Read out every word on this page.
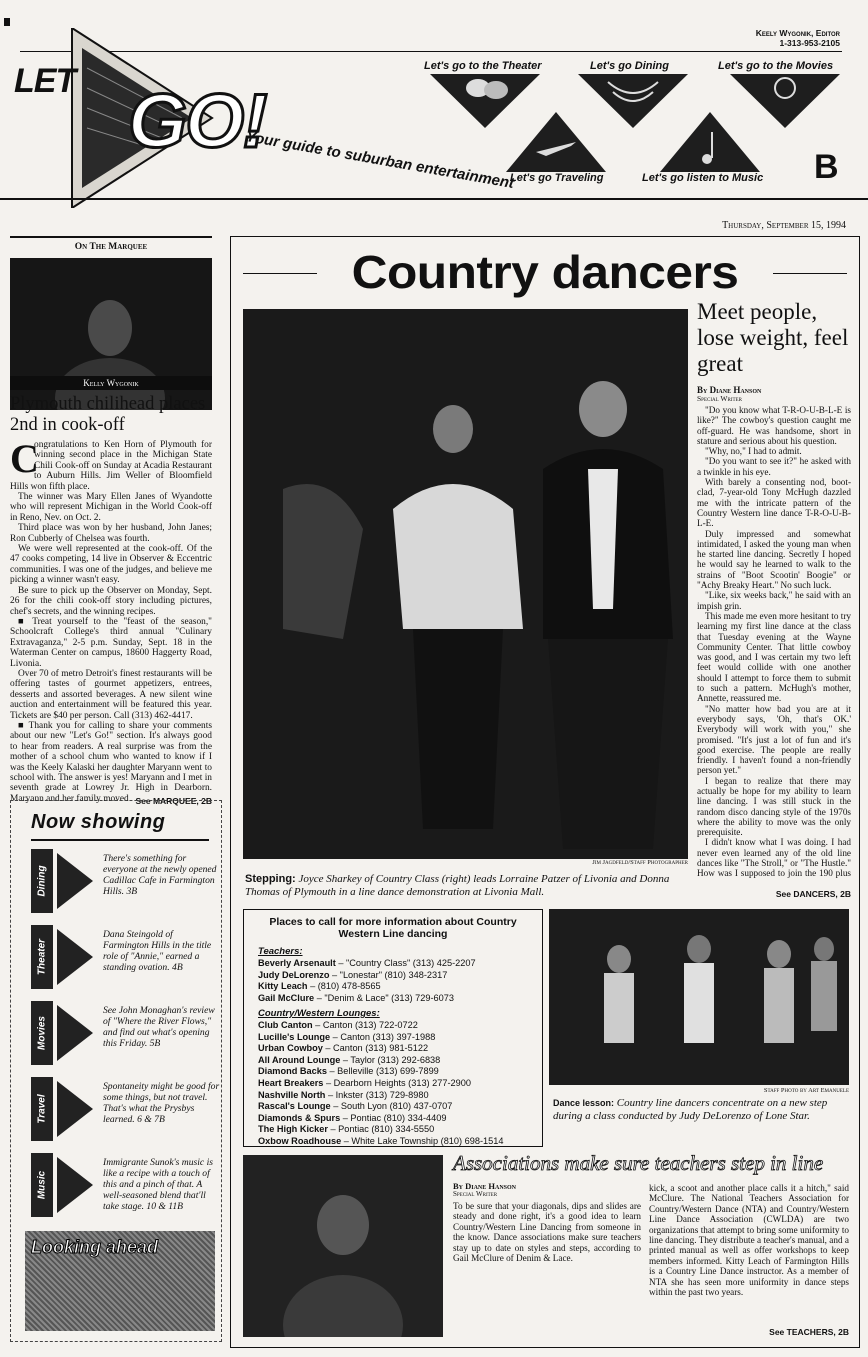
Keely Wygonik, Editor
1-313-953-2105
LET GO!
Your guide to suburban entertainment
Let's go to the Theater	Let's go Dining	Let's go to the Movies
Let's go Traveling	Let's go listen to Music B
Thursday, September 15, 1994
On The Marquee
Kelly Wygonik
Plymouth chilihead places 2nd in cook-off
C

ongratulations to Ken Horn of Plymouth for winning second place in the Michigan State Chili Cook-off on Sunday at Acadia Restaurant to Auburn Hills. Jim Weller of Bloomfield Hills won fifth place.

The winner was Mary Ellen Janes of Wyandotte who will represent Michigan in the World Cook-off in Reno, Nev. on Oct. 2.

Third place was won by her husband, John Janes; Ron Cubberly of Chelsea was fourth.

We were well represented at the cook-off. Of the 47 cooks competing, 14 live in Observer & Eccentric communities. I was one of the judges, and believe me picking a winner wasn't easy.

Be sure to pick up the Observer on Monday, Sept. 26 for the chili cook-off story including pictures, chef's secrets, and the winning recipes.

■ Treat yourself to the "feast of the season," Schoolcraft College's third annual "Culinary Extravaganza," 2-5 p.m. Sunday, Sept. 18 in the Waterman Center on campus, 18600 Haggerty Road, Livonia.

Over 70 of metro Detroit's finest restaurants will be offering tastes of gourmet appetizers, entrees, desserts and assorted beverages. A new silent wine auction and entertainment will be featured this year. Tickets are $40 per person. Call (313) 462-4417.

■ Thank you for calling to share your comments about our new "Let's Go!" section. It's always good to hear from readers. A real surprise was from the mother of a school chum who wanted to know if I was the Keely Kalaski her daughter Maryann went to school with. The answer is yes! Maryann and I met in seventh grade at Lowrey Jr. High in Dearborn. Maryann and her family moved See MARQUEE, 2B
Now showing
Dining
There's something for everyone at the newly opened Cadillac Cafe in Farmington Hills. 3B
Theater
Dana Steingold of Farmington Hills in the title role of "Annie," earned a standing ovation. 4B
Movies
See John Monaghan's review of "Where the River Flows," and find out what's opening this Friday. 5B
Travel
Spontaneity might be good for some things, but not travel. That's what the Prysbys learned. 6 & 7B
Music
Immigrante Sunok's music is like a recipe with a touch of this and a pinch of that. A well-seasoned blend that'll take stage. 10 & 11B
Looking ahead
Country dancers
Jim Jagdfeld/Staff Photographer
Stepping: Joyce Sharkey of Country Class (right) leads Lorraine Patzer of Livonia and Donna Thomas of Plymouth in a line dance demonstration at Livonia Mall.
Meet people, lose weight, feel great
By Diane Hanson
Special Writer

"Do you know what T-R-O-U-B-L-E is like?" The cowboy's question caught me off-guard. He was handsome, short in stature and serious about his question.

"Why, no," I had to admit.

"Do you want to see it?" he asked with a twinkle in his eye.

With barely a consenting nod, boot-clad, 7-year-old Tony McHugh dazzled me with the intricate pattern of the Country Western line dance T-R-O-U-B-L-E.

Duly impressed and somewhat intimidated, I asked the young man when he started line dancing. Secretly I hoped he would say he learned to walk to the strains of "Boot Scootin' Boogie" or "Achy Breaky Heart." No such luck.

"Like, six weeks back," he said with an impish grin.

This made me even more hesitant to try learning my first line dance at the class that Tuesday evening at the Wayne Community Center. That little cowboy was good, and I was certain my two left feet would collide with one another should I attempt to force them to submit to such a pattern. McHugh's mother, Annette, reassured me.

"No matter how bad you are at it everybody says, 'Oh, that's OK.' Everybody will work with you," she promised. "It's just a lot of fun and it's good exercise. The people are really friendly. I haven't found a non-friendly person yet."

I began to realize that there may actually be hope for my ability to learn line dancing. I was still stuck in the random disco dancing style of the 1970s where the ability to move was the only prerequisite.

I didn't know what I was doing. I had never even learned any of the old line dances like "The Stroll," or "The Hustle." How was I supposed to join the 190 plus

See DANCERS, 2B
Places to call for more information about Country Western Line dancing
Teachers:
Beverly Arsenault – "Country Class" (313) 425-2207
Judy DeLorenzo – "Lonestar" (810) 348-2317
Kitty Leach – (810) 478-8565
Gail McClure – "Denim & Lace" (313) 729-6073
Country/Western Lounges:
Club Canton – Canton (313) 722-0722
Lucille's Lounge – Canton (313) 397-1988
Urban Cowboy – Canton (313) 981-5122
All Around Lounge – Taylor (313) 292-6838
Diamond Backs – Belleville (313) 699-7899
Heart Breakers – Dearborn Heights (313) 277-2900
Nashville North – Inkster (313) 729-8980
Rascal's Lounge – South Lyon (810) 437-0707
Diamonds & Spurs – Pontiac (810) 334-4409
The High Kicker – Pontiac (810) 334-5550
Oxbow Roadhouse – White Lake Township (810) 698-1514
Staff Photo by Art Emanuele
Dance lesson: Country line dancers concentrate on a new step during a class conducted by Judy DeLorenzo of Lone Star.
Associations make sure teachers step in line
By Diane Hanson
Special Writer
To be sure that your diagonals, dips and slides are steady and done right, it's a good idea to learn Country/Western Line Dancing from someone in the know. Dance associations make sure teachers stay up to date on styles and steps, according to Gail McClure of Denim & Lace.
kick, a scoot and another place calls it a hitch," said McClure. The National Teachers Association for Country/Western Dance (NTA) and Country/Western Line Dance Association (CWLDA) are two organizations that attempt to bring some uniformity to line dancing. They distribute a teacher's manual, and a printed manual as well as offer workshops to keep members informed. Kitty Leach of Farmington Hills is a Country Line Dance instructor. As a member of NTA she has seen more uniformity in dance steps within the past two years.
See TEACHERS, 2B
